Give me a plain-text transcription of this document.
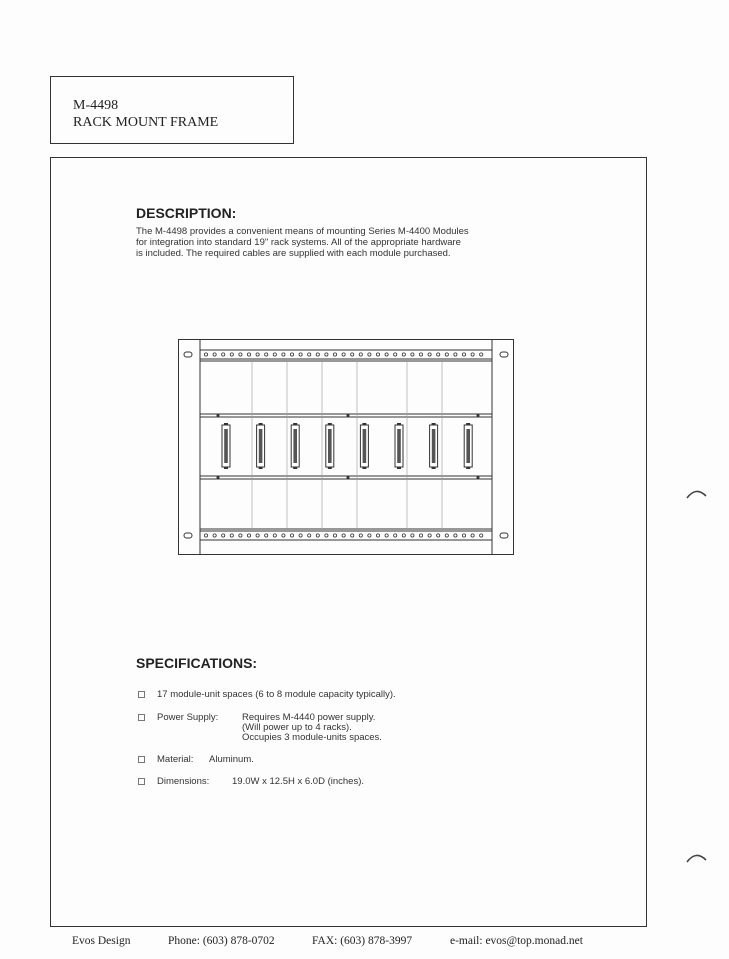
M-4498
RACK MOUNT FRAME
DESCRIPTION:
The M-4498 provides a convenient means of mounting Series M-4400 Modules
for integration into standard 19" rack systems. All of the appropriate hardware
is included. The required cables are supplied with each module purchased.
SPECIFICATIONS:
17 module-unit spaces (6 to 8 module capacity typically).
Power Supply: Requires M-4440 power supply.
(Will power up to 4 racks).
Occupies 3 module-units spaces.
Material: Aluminum.
Dimensions: 19.0W x 12.5H x 6.0D (inches).
Evos Design	Phone: (603) 878-0702	FAX: (603) 878-3997	e-mail: evos@top.monad.net
